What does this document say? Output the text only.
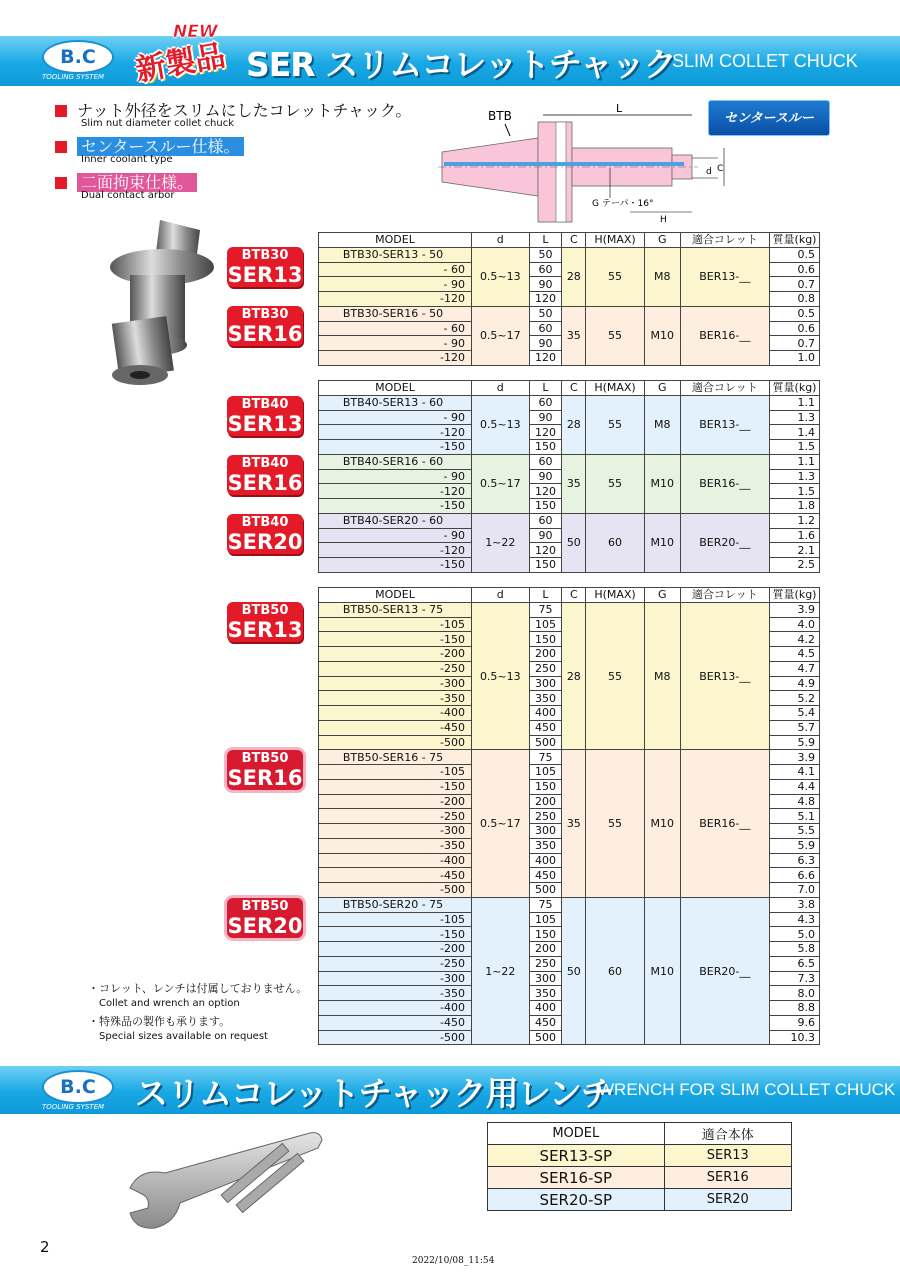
B.C
TOOLING SYSTEM	SER スリムコレットチャック
SLIM COLLET CHUCK
NEW
新製品
ナット外径をスリムにしたコレットチャック。
Slim nut diameter collet chuck
センタースルー仕様。
Inner coolant type
二面拘束仕様。
Dual contact arbor
センタースルー
BTB
L
d C
G テーパ・16°
H
BTB30
SER13
BTB30
SER16
MODEL	d	L	C	H(MAX)	G	適合コレット	質量(kg)
BTB30-SER13 - 50	0.5~13	50	28	55	M8	BER13-__	0.5
- 60		60					0.6
- 90		90					0.7
-120		120					0.8
BTB30-SER16 - 50	0.5~17	50	35	55	M10	BER16-__	0.5
- 60		60					0.6
- 90		90					0.7
-120		120					1.0
BTB40
SER13
BTB40
SER16
BTB40
SER20
MODEL	d	L	C	H(MAX)	G	適合コレット	質量(kg)
BTB40-SER13 - 60	0.5~13	60	28	55	M8	BER13-__	1.1
- 90		90					1.3
-120		120					1.4
-150		150					1.5
BTB40-SER16 - 60	0.5~17	60	35	55	M10	BER16-__	1.1
- 90		90					1.3
-120		120					1.5
-150		150					1.8
BTB40-SER20 - 60	1~22	60	50	60	M10	BER20-__	1.2
- 90		90					1.6
-120		120					2.1
-150		150					2.5
BTB50
SER13
BTB50
SER16
BTB50
SER20
MODEL	d	L	C	H(MAX)	G	適合コレット	質量(kg)
BTB50-SER13 - 75	0.5~13	75	28	55	M8	BER13-__	3.9
-105		105					4.0
-150		150					4.2
-200		200					4.5
-250		250					4.7
-300		300					4.9
-350		350					5.2
-400		400					5.4
-450		450					5.7
-500		500					5.9
BTB50-SER16 - 75	0.5~17	75	35	55	M10	BER16-__	3.9
-105		105					4.1
-150		150					4.4
-200		200					4.8
-250		250					5.1
-300		300					5.5
-350		350					5.9
-400		400					6.3
-450		450					6.6
-500		500					7.0
BTB50-SER20 - 75	1~22	75	50	60	M10	BER20-__	3.8
-105		105					4.3
-150		150					5.0
-200		200					5.8
-250		250					6.5
-300		300					7.3
-350		350					8.0
-400		400					8.8
-450		450					9.6
-500		500					10.3
・コレット、レンチは付属しておりません。
Collet and wrench an option
・特殊品の製作も承ります。
Special sizes available on request
B.C
TOOLING SYSTEM スリムコレットチャック用レンチ
WRENCH FOR SLIM COLLET CHUCK
MODEL	適合本体
SER13-SP	SER13
SER16-SP	SER16
SER20-SP	SER20
2
2022/10/08_11:54
